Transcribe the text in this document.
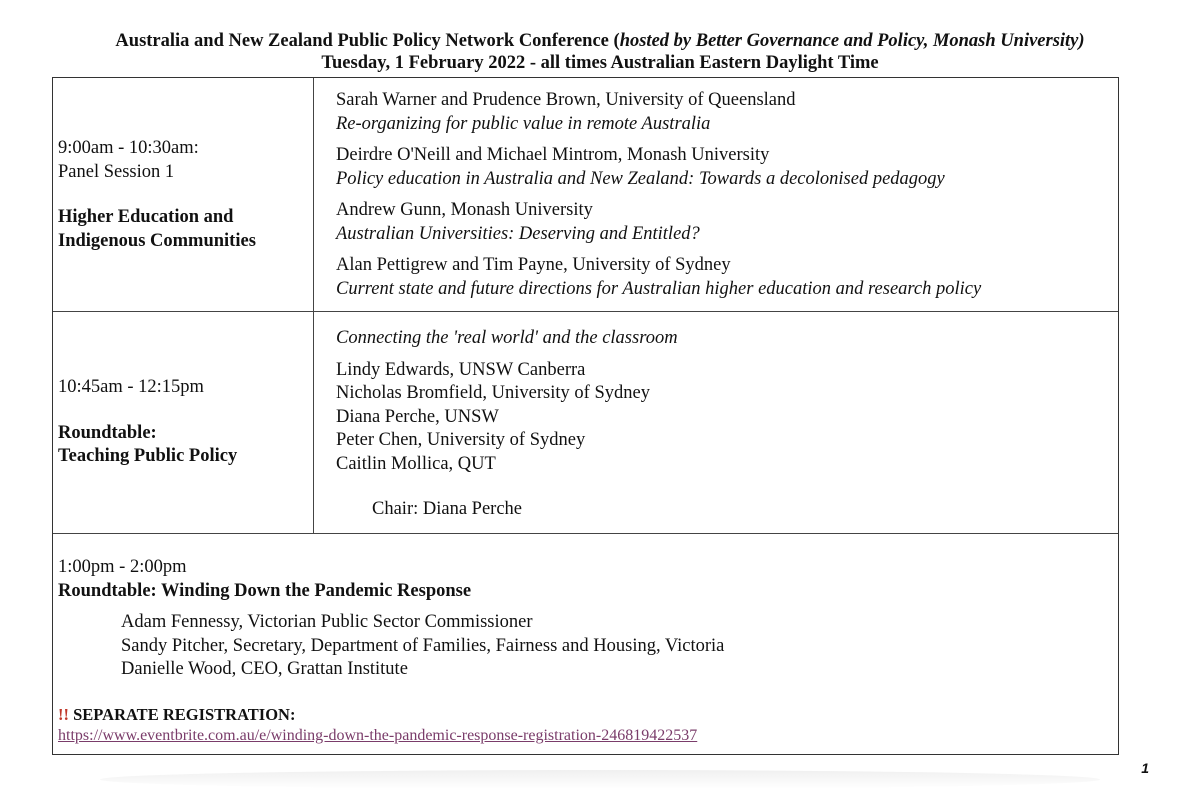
Australia and New Zealand Public Policy Network Conference (hosted by Better Governance and Policy, Monash University)
Tuesday, 1 February 2022 - all times Australian Eastern Daylight Time

9:00am - 10:30am:

Panel Session 1

Higher Education and

Indigenous Communities

Sarah Warner and Prudence Brown, University of Queensland

Re-organizing for public value in remote Australia

Deirdre O'Neill and Michael Mintrom, Monash University

Policy education in Australia and New Zealand: Towards a decolonised pedagogy

Andrew Gunn, Monash University

Australian Universities: Deserving and Entitled?

Alan Pettigrew and Tim Payne, University of Sydney

Current state and future directions for Australian higher education and research policy

10:45am - 12:15pm

Roundtable:

Teaching Public Policy

Connecting the 'real world' and the classroom

Lindy Edwards, UNSW Canberra

Nicholas Bromfield, University of Sydney

Diana Perche, UNSW

Peter Chen, University of Sydney

Caitlin Mollica, QUT

Chair: Diana Perche

1:00pm - 2:00pm

Roundtable: Winding Down the Pandemic Response

Adam Fennessy, Victorian Public Sector Commissioner

Sandy Pitcher, Secretary, Department of Families, Fairness and Housing, Victoria

Danielle Wood, CEO, Grattan Institute

!! SEPARATE REGISTRATION:

https://www.eventbrite.com.au/e/winding-down-the-pandemic-response-registration-246819422537

1
